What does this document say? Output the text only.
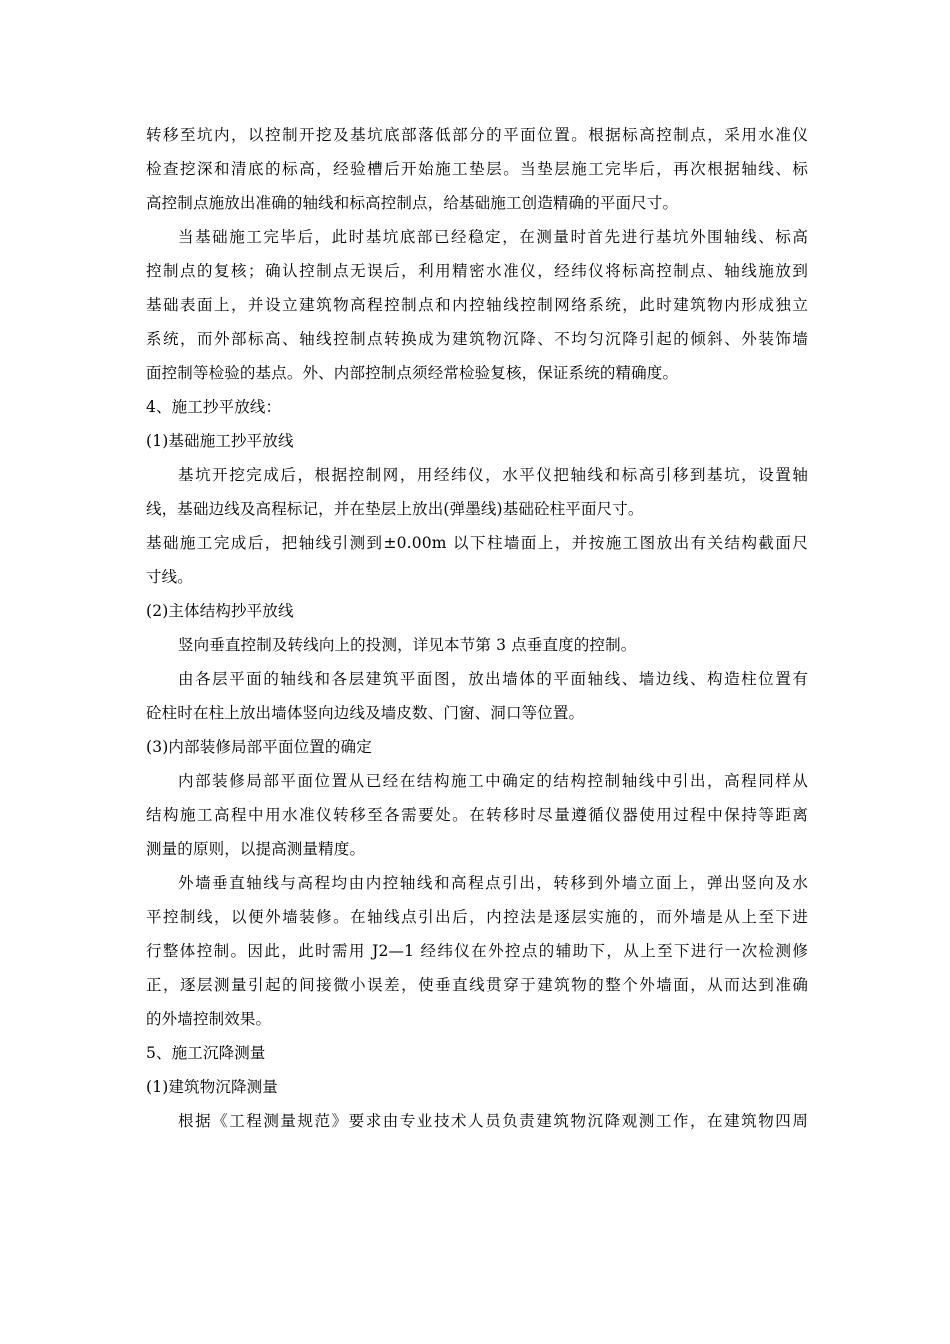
转移至坑内，以控制开挖及基坑底部落低部分的平面位置。根据标高控制点，采用水准仪
检查挖深和清底的标高，经验槽后开始施工垫层。当垫层施工完毕后，再次根据轴线、标
高控制点施放出准确的轴线和标高控制点，给基础施工创造精确的平面尺寸。
当基础施工完毕后，此时基坑底部已经稳定，在测量时首先进行基坑外围轴线、标高
控制点的复核；确认控制点无误后，利用精密水准仪，经纬仪将标高控制点、轴线施放到
基础表面上，并设立建筑物高程控制点和内控轴线控制网络系统，此时建筑物内形成独立
系统，而外部标高、轴线控制点转换成为建筑物沉降、不均匀沉降引起的倾斜、外装饰墙
面控制等检验的基点。外、内部控制点须经常检验复核，保证系统的精确度。
4、施工抄平放线：
(1)基础施工抄平放线
基坑开挖完成后，根据控制网，用经纬仪，水平仪把轴线和标高引移到基坑，设置轴
线，基础边线及高程标记，并在垫层上放出(弹墨线)基础砼柱平面尺寸。
基础施工完成后，把轴线引测到±0.00m 以下柱墙面上，并按施工图放出有关结构截面尺
寸线。
(2)主体结构抄平放线
竖向垂直控制及转线向上的投测，详见本节第 3 点垂直度的控制。
由各层平面的轴线和各层建筑平面图，放出墙体的平面轴线、墙边线、构造柱位置有
砼柱时在柱上放出墙体竖向边线及墙皮数、门窗、洞口等位置。
(3)内部装修局部平面位置的确定
内部装修局部平面位置从已经在结构施工中确定的结构控制轴线中引出，高程同样从
结构施工高程中用水准仪转移至各需要处。在转移时尽量遵循仪器使用过程中保持等距离
测量的原则，以提高测量精度。
外墙垂直轴线与高程均由内控轴线和高程点引出，转移到外墙立面上，弹出竖向及水
平控制线，以便外墙装修。在轴线点引出后，内控法是逐层实施的，而外墙是从上至下进
行整体控制。因此，此时需用 J2—1 经纬仪在外控点的辅助下，从上至下进行一次检测修
正，逐层测量引起的间接微小误差，使垂直线贯穿于建筑物的整个外墙面，从而达到准确
的外墙控制效果。
5、施工沉降测量
(1)建筑物沉降测量
根据《工程测量规范》要求由专业技术人员负责建筑物沉降观测工作，在建筑物四周
